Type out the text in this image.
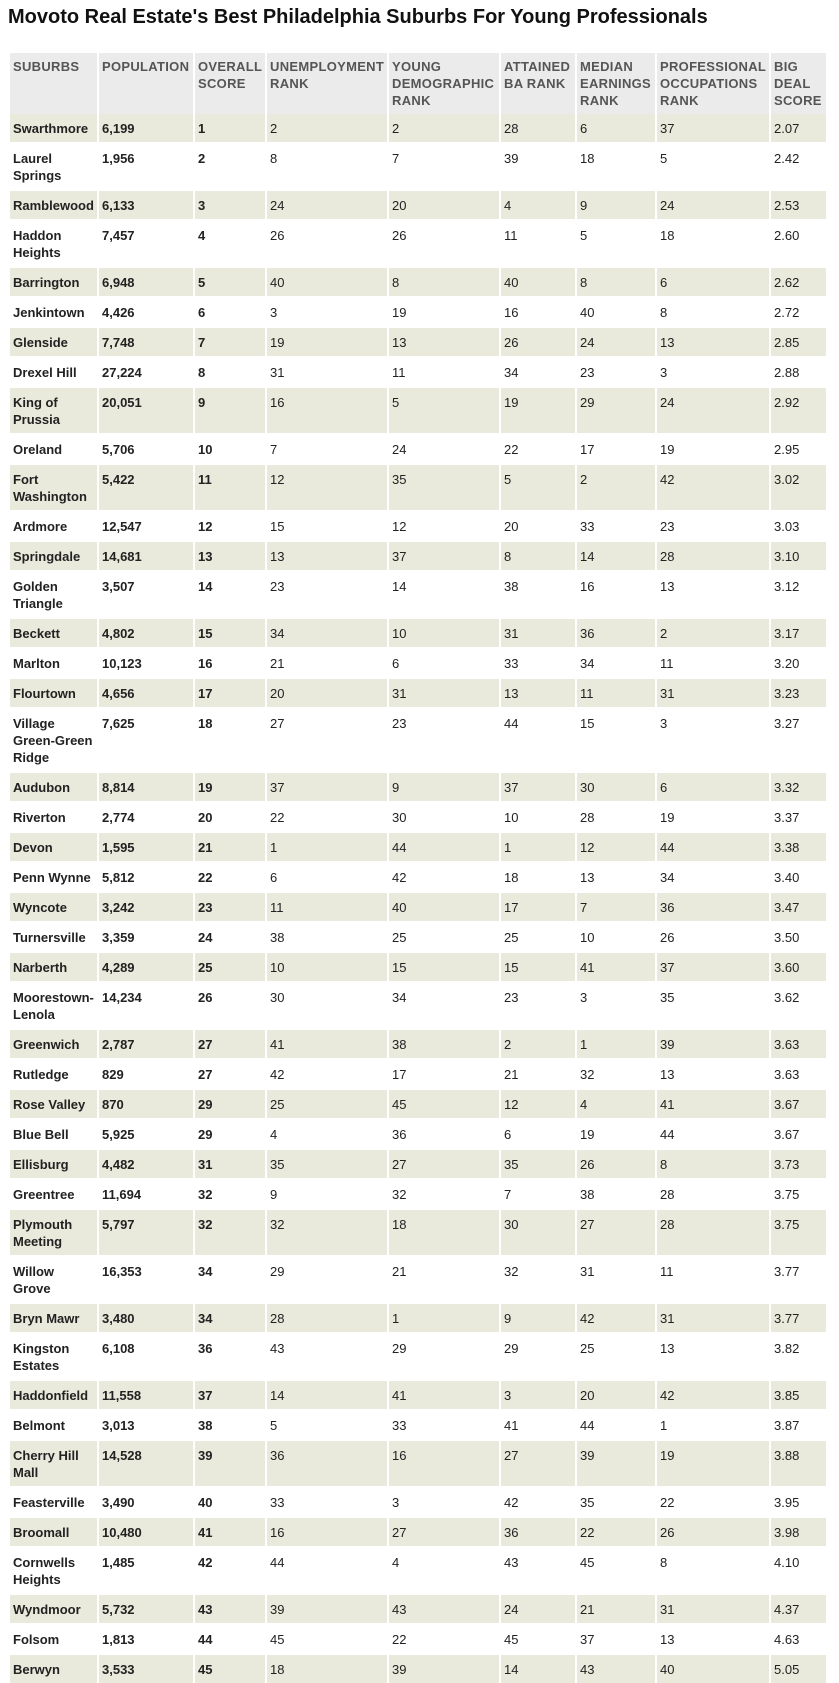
Movoto Real Estate's Best Philadelphia Suburbs For Young Professionals
SUBURBS	POPULATION	OVERALL SCORE	UNEMPLOYMENT RANK	YOUNG DEMOGRAPHIC RANK	ATTAINED BA RANK	MEDIAN EARNINGS RANK	PROFESSIONAL OCCUPATIONS RANK	BIG DEAL SCORE
Swarthmore	6,199	1	2	2	28	6	37	2.07
Laurel Springs	1,956	2	8	7	39	18	5	2.42
Ramblewood	6,133	3	24	20	4	9	24	2.53
Haddon Heights	7,457	4	26	26	11	5	18	2.60
Barrington	6,948	5	40	8	40	8	6	2.62
Jenkintown	4,426	6	3	19	16	40	8	2.72
Glenside	7,748	7	19	13	26	24	13	2.85
Drexel Hill	27,224	8	31	11	34	23	3	2.88
King of Prussia	20,051	9	16	5	19	29	24	2.92
Oreland	5,706	10	7	24	22	17	19	2.95
Fort Washington	5,422	11	12	35	5	2	42	3.02
Ardmore	12,547	12	15	12	20	33	23	3.03
Springdale	14,681	13	13	37	8	14	28	3.10
Golden Triangle	3,507	14	23	14	38	16	13	3.12
Beckett	4,802	15	34	10	31	36	2	3.17
Marlton	10,123	16	21	6	33	34	11	3.20
Flourtown	4,656	17	20	31	13	11	31	3.23
Village Green-Green Ridge	7,625	18	27	23	44	15	3	3.27
Audubon	8,814	19	37	9	37	30	6	3.32
Riverton	2,774	20	22	30	10	28	19	3.37
Devon	1,595	21	1	44	1	12	44	3.38
Penn Wynne	5,812	22	6	42	18	13	34	3.40
Wyncote	3,242	23	11	40	17	7	36	3.47
Turnersville	3,359	24	38	25	25	10	26	3.50
Narberth	4,289	25	10	15	15	41	37	3.60
Moorestown-Lenola	14,234	26	30	34	23	3	35	3.62
Greenwich	2,787	27	41	38	2	1	39	3.63
Rutledge	829	27	42	17	21	32	13	3.63
Rose Valley	870	29	25	45	12	4	41	3.67
Blue Bell	5,925	29	4	36	6	19	44	3.67
Ellisburg	4,482	31	35	27	35	26	8	3.73
Greentree	11,694	32	9	32	7	38	28	3.75
Plymouth Meeting	5,797	32	32	18	30	27	28	3.75
Willow Grove	16,353	34	29	21	32	31	11	3.77
Bryn Mawr	3,480	34	28	1	9	42	31	3.77
Kingston Estates	6,108	36	43	29	29	25	13	3.82
Haddonfield	11,558	37	14	41	3	20	42	3.85
Belmont	3,013	38	5	33	41	44	1	3.87
Cherry Hill Mall	14,528	39	36	16	27	39	19	3.88
Feasterville	3,490	40	33	3	42	35	22	3.95
Broomall	10,480	41	16	27	36	22	26	3.98
Cornwells Heights	1,485	42	44	4	43	45	8	4.10
Wyndmoor	5,732	43	39	43	24	21	31	4.37
Folsom	1,813	44	45	22	45	37	13	4.63
Berwyn	3,533	45	18	39	14	43	40	5.05
